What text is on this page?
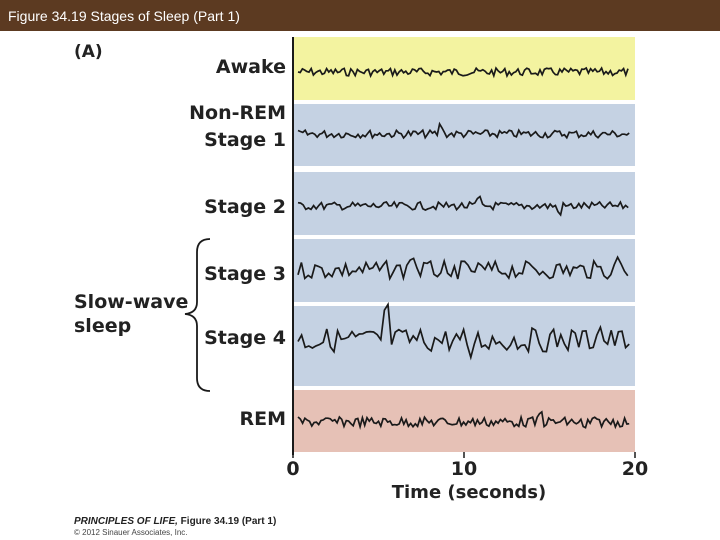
Figure 34.19 Stages of Sleep (Part 1)
(A)
Awake
Non-REM
Stage 1
Stage 2
Stage 3
Stage 4
REM
Slow-wave
sleep
0	10	20
Time (seconds)
PRINCIPLES OF LIFE, Figure 34.19 (Part 1)
© 2012 Sinauer Associates, Inc.
